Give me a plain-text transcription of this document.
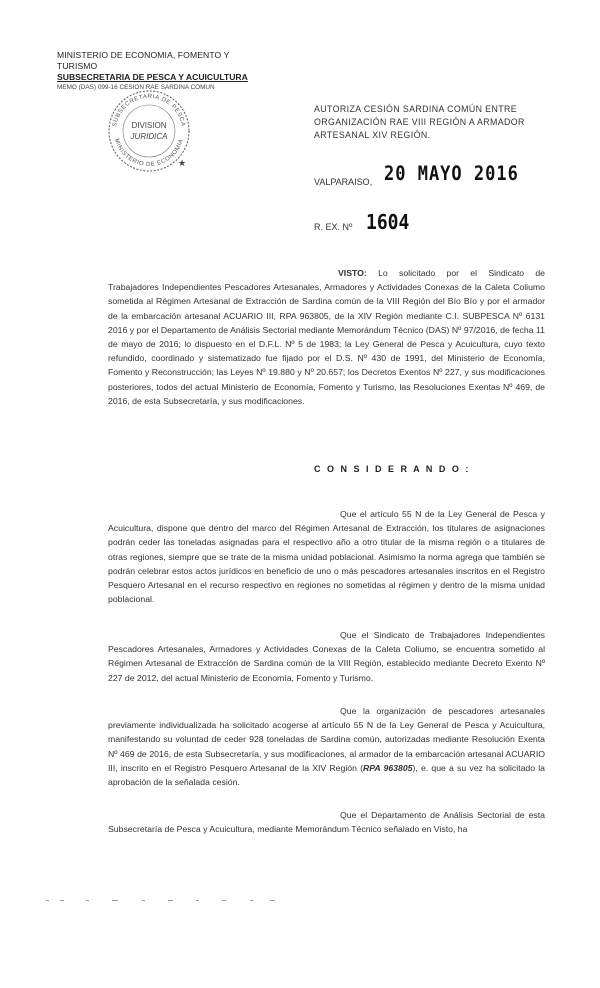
MINISTERIO DE ECONOMIA, FOMENTO Y TURISMO
SUBSECRETARIA DE PESCA Y ACUICULTURA
MEMO (DAS) 099-16 CESION RAE SARDINA COMUN
SUBSECRETARIA DE PESCA
MINISTERIO DE ECONOMIA
DIVISION
JURIDICA
★
AUTORIZA CESIÓN SARDINA COMÚN ENTRE ORGANIZACIÓN RAE VIII REGIÓN A ARMADOR ARTESANAL XIV REGIÓN.
VALPARAISO, 20 MAYO 2016
R. EX. Nº 1604

VISTO: Lo solicitado por el Sindicato de Trabajadores Independientes Pescadores Artesanales, Armadores y Actividades Conexas de la Caleta Coliumo sometida al Régimen Artesanal de Extracción de Sardina común de la VIII Región del Bío Bío y por el armador de la embarcación artesanal ACUARIO III, RPA 963805, de la XIV Región mediante C.I. SUBPESCA Nº 6131 2016 y por el Departamento de Análisis Sectorial mediante Memorándum Técnico (DAS) Nº 97/2016, de fecha 11 de mayo de 2016; lo dispuesto en el D.F.L. Nº 5 de 1983; la Ley General de Pesca y Acuicultura, cuyo texto refundido, coordinado y sistematizado fue fijado por el D.S. Nº 430 de 1991, del Ministerio de Economía, Fomento y Reconstrucción; las Leyes Nº 19.880 y Nº 20.657; los Decretos Exentos Nº 227, y sus modificaciones posteriores, todos del actual Ministerio de Economía, Fomento y Turismo, las Resoluciones Exentas Nº 469, de 2016, de esta Subsecretaría, y sus modificaciones.

C O N S I D E R A N D O :

Que el artículo 55 N de la Ley General de Pesca y Acuicultura, dispone que dentro del marco del Régimen Artesanal de Extracción, los titulares de asignaciones podrán ceder las toneladas asignadas para el respectivo año a otro titular de la misma región o a titulares de otras regiones, siempre que se trate de la misma unidad poblacional. Asimismo la norma agrega que también se podrán celebrar estos actos jurídicos en beneficio de uno o más pescadores artesanales inscritos en el Registro Pesquero Artesanal en el recurso respectivo en regiones no sometidas al régimen y dentro de la misma unidad poblacional.

Que el Sindicato de Trabajadores Independientes Pescadores Artesanales, Armadores y Actividades Conexas de la Caleta Coliumo, se encuentra sometido al Régimen Artesanal de Extracción de Sardina común de la VIII Región, establecido mediante Decreto Exento Nº 227 de 2012, del actual Ministerio de Economía, Fomento y Turismo.

Que la organización de pescadores artesanales previamente individualizada ha solicitado acogerse al artículo 55 N de la Ley General de Pesca y Acuicultura, manifestando su voluntad de ceder 928 toneladas de Sardina común, autorizadas mediante Resolución Exenta Nº 469 de 2016, de esta Subsecretaría, y sus modificaciones, al armador de la embarcación artesanal ACUARIO III, inscrito en el Registro Pesquero Artesanal de la XIV Región (RPA 963805), e. que a su vez ha solicitado la aprobación de la señalada cesión.

Que el Departamento de Análisis Sectorial de esta Subsecretaría de Pesca y Acuicultura, mediante Memorándum Técnico señalado en Visto, ha
